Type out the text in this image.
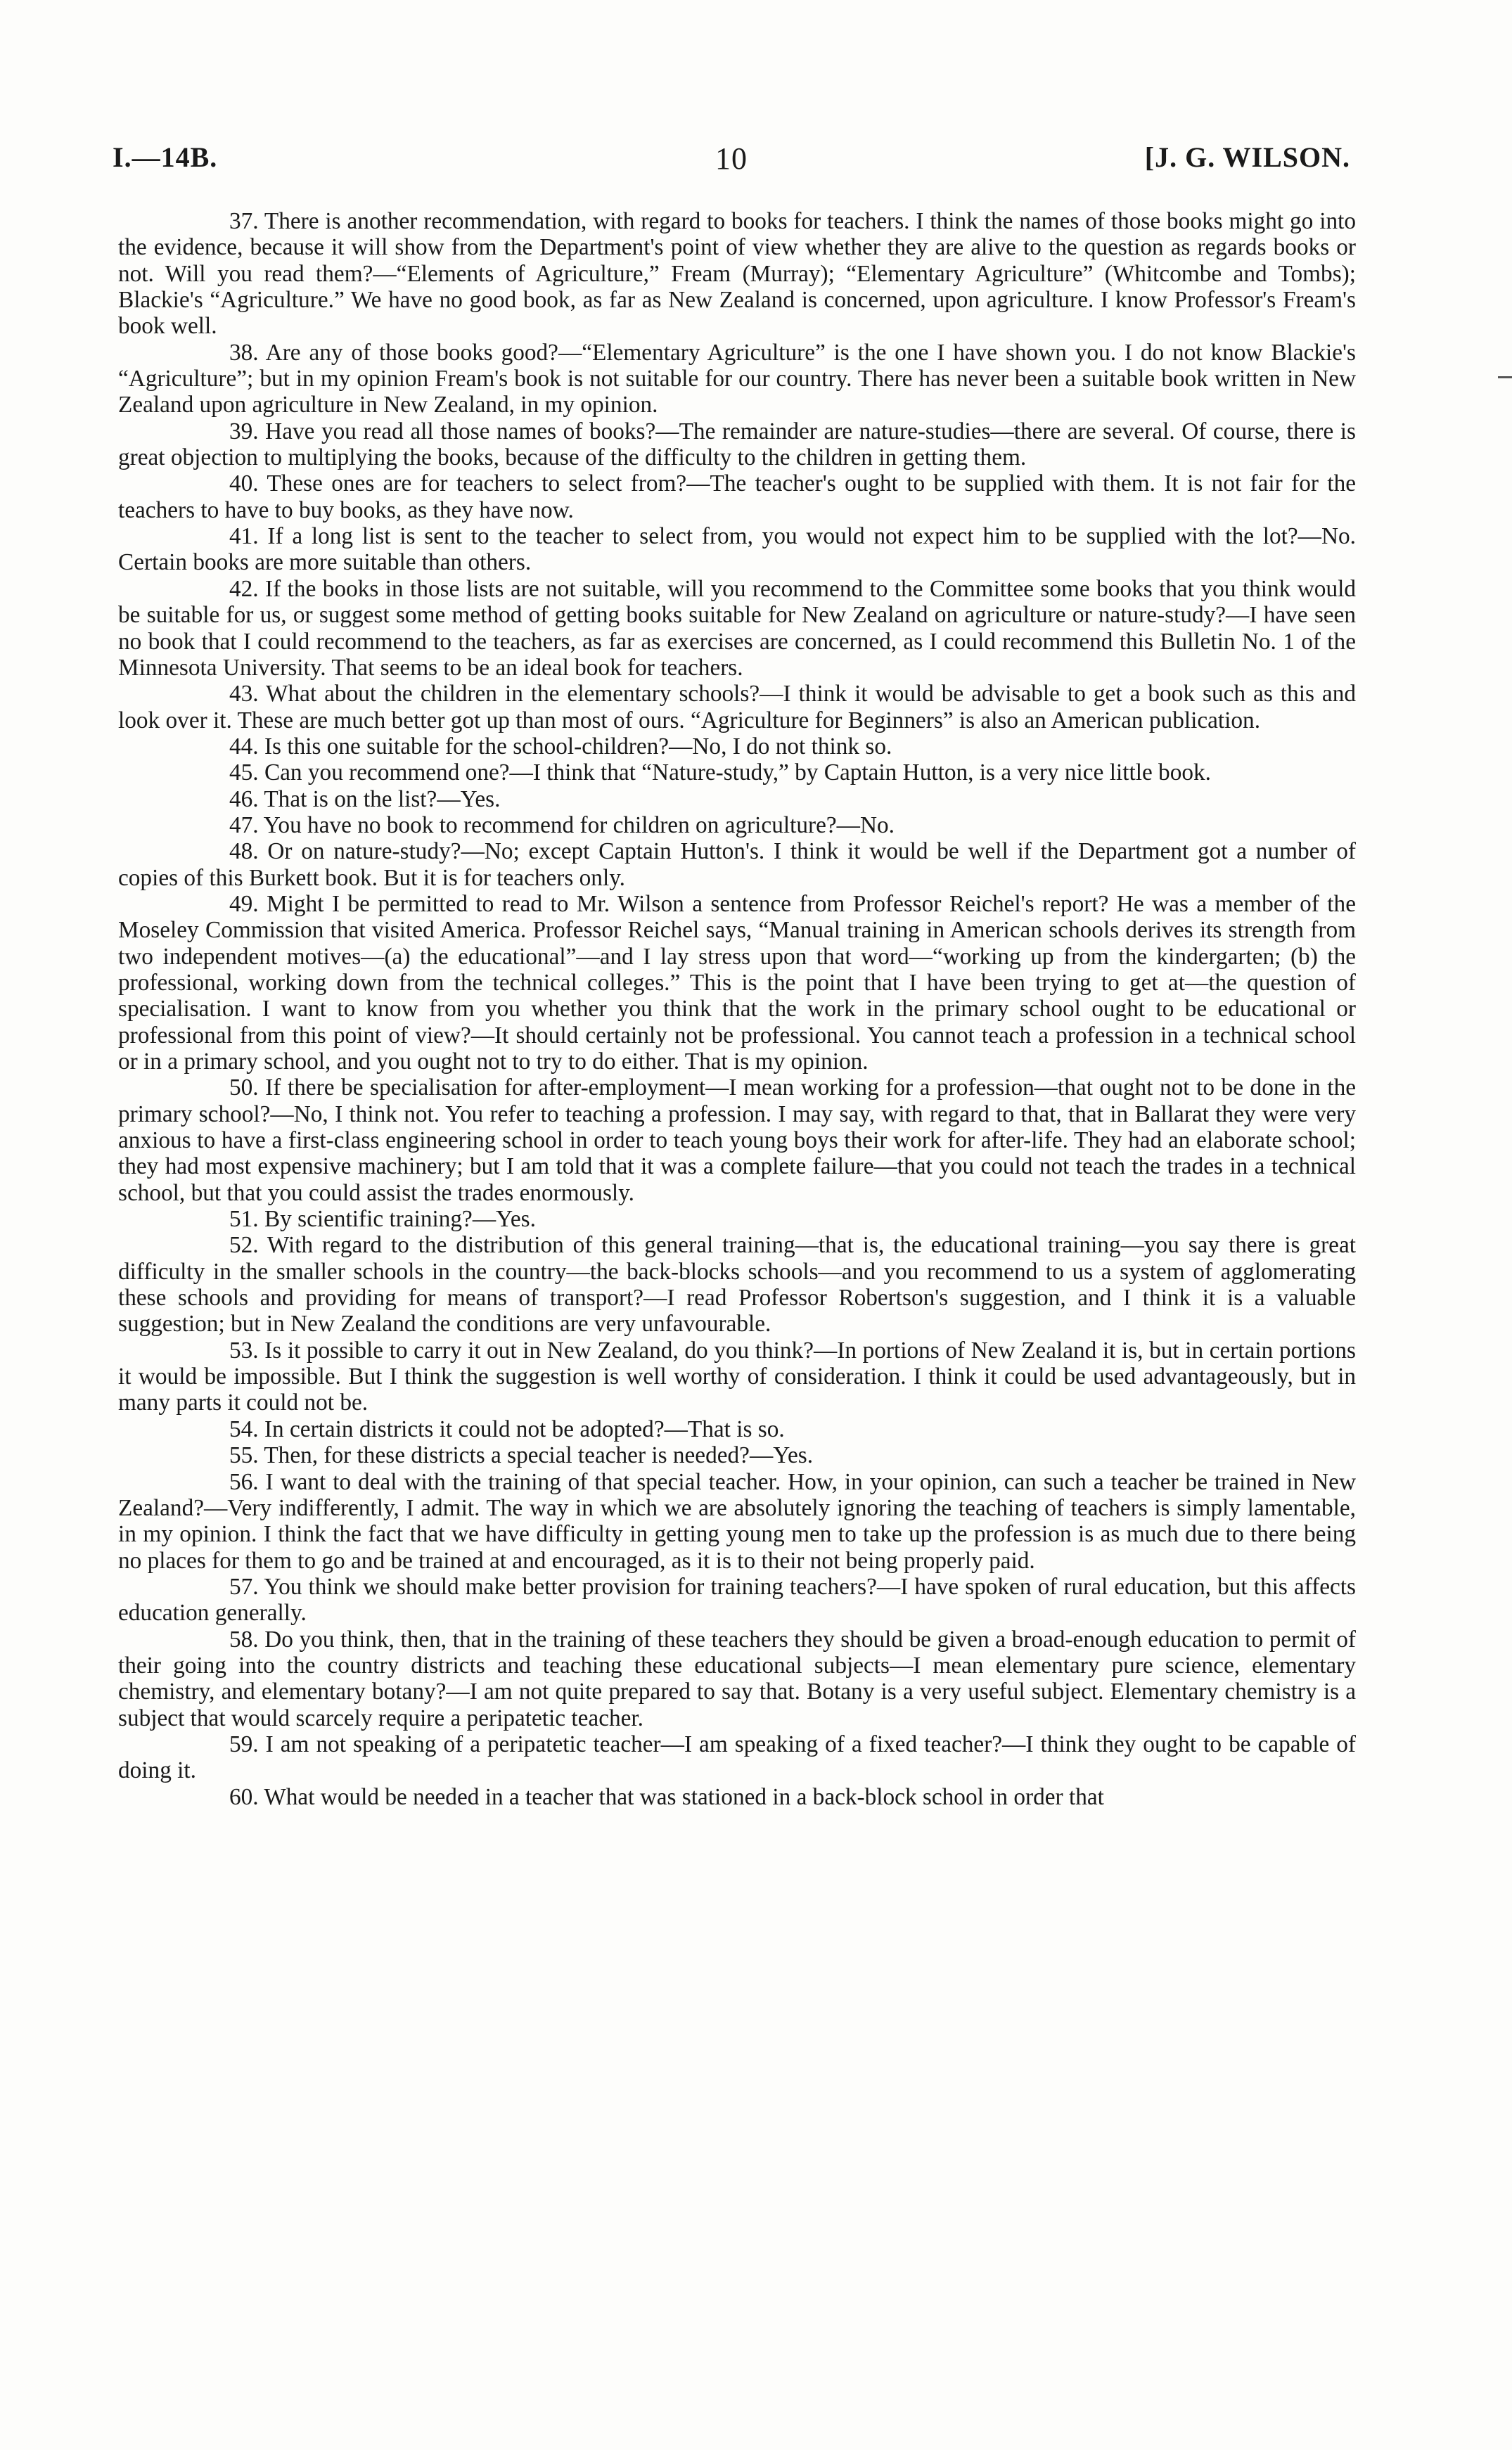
I.—14B.	10	[J. G. WILSON.

37. There is another recommendation, with regard to books for teachers. I think the names of those books might go into the evidence, because it will show from the Department's point of view whether they are alive to the question as regards books or not. Will you read them?—“Elements of Agriculture,” Fream (Murray); “Elementary Agriculture” (Whitcombe and Tombs); Blackie's “Agriculture.” We have no good book, as far as New Zealand is concerned, upon agriculture. I know Professor's Fream's book well.

38. Are any of those books good?—“Elementary Agriculture” is the one I have shown you. I do not know Blackie's “Agriculture”; but in my opinion Fream's book is not suitable for our country. There has never been a suitable book written in New Zealand upon agriculture in New Zealand, in my opinion.

39. Have you read all those names of books?—The remainder are nature-studies—there are several. Of course, there is great objection to multiplying the books, because of the difficulty to the children in getting them.

40. These ones are for teachers to select from?—The teacher's ought to be supplied with them. It is not fair for the teachers to have to buy books, as they have now.

41. If a long list is sent to the teacher to select from, you would not expect him to be supplied with the lot?—No. Certain books are more suitable than others.

42. If the books in those lists are not suitable, will you recommend to the Committee some books that you think would be suitable for us, or suggest some method of getting books suitable for New Zealand on agriculture or nature-study?—I have seen no book that I could recommend to the teachers, as far as exercises are concerned, as I could recommend this Bulletin No. 1 of the Minnesota University. That seems to be an ideal book for teachers.

43. What about the children in the elementary schools?—I think it would be advisable to get a book such as this and look over it. These are much better got up than most of ours. “Agriculture for Beginners” is also an American publication.

44. Is this one suitable for the school-children?—No, I do not think so.

45. Can you recommend one?—I think that “Nature-study,” by Captain Hutton, is a very nice little book.

46. That is on the list?—Yes.

47. You have no book to recommend for children on agriculture?—No.

48. Or on nature-study?—No; except Captain Hutton's. I think it would be well if the Department got a number of copies of this Burkett book. But it is for teachers only.

49. Might I be permitted to read to Mr. Wilson a sentence from Professor Reichel's report? He was a member of the Moseley Commission that visited America. Professor Reichel says, “Manual training in American schools derives its strength from two independent motives—(a) the educational”—and I lay stress upon that word—“working up from the kindergarten; (b) the professional, working down from the technical colleges.” This is the point that I have been trying to get at—the question of specialisation. I want to know from you whether you think that the work in the primary school ought to be educational or professional from this point of view?—It should certainly not be professional. You cannot teach a profession in a technical school or in a primary school, and you ought not to try to do either. That is my opinion.

50. If there be specialisation for after-employment—I mean working for a profession—that ought not to be done in the primary school?—No, I think not. You refer to teaching a profession. I may say, with regard to that, that in Ballarat they were very anxious to have a first-class engineering school in order to teach young boys their work for after-life. They had an elaborate school; they had most expensive machinery; but I am told that it was a complete failure—that you could not teach the trades in a technical school, but that you could assist the trades enormously.

51. By scientific training?—Yes.

52. With regard to the distribution of this general training—that is, the educational training—you say there is great difficulty in the smaller schools in the country—the back-blocks schools—and you recommend to us a system of agglomerating these schools and providing for means of transport?—I read Professor Robertson's suggestion, and I think it is a valuable suggestion; but in New Zealand the conditions are very unfavourable.

53. Is it possible to carry it out in New Zealand, do you think?—In portions of New Zealand it is, but in certain portions it would be impossible. But I think the suggestion is well worthy of consideration. I think it could be used advantageously, but in many parts it could not be.

54. In certain districts it could not be adopted?—That is so.

55. Then, for these districts a special teacher is needed?—Yes.

56. I want to deal with the training of that special teacher. How, in your opinion, can such a teacher be trained in New Zealand?—Very indifferently, I admit. The way in which we are absolutely ignoring the teaching of teachers is simply lamentable, in my opinion. I think the fact that we have difficulty in getting young men to take up the profession is as much due to there being no places for them to go and be trained at and encouraged, as it is to their not being properly paid.

57. You think we should make better provision for training teachers?—I have spoken of rural education, but this affects education generally.

58. Do you think, then, that in the training of these teachers they should be given a broad-enough education to permit of their going into the country districts and teaching these educational subjects—I mean elementary pure science, elementary chemistry, and elementary botany?—I am not quite prepared to say that. Botany is a very useful subject. Elementary chemistry is a subject that would scarcely require a peripatetic teacher.

59. I am not speaking of a peripatetic teacher—I am speaking of a fixed teacher?—I think they ought to be capable of doing it.

60. What would be needed in a teacher that was stationed in a back-block school in order that
